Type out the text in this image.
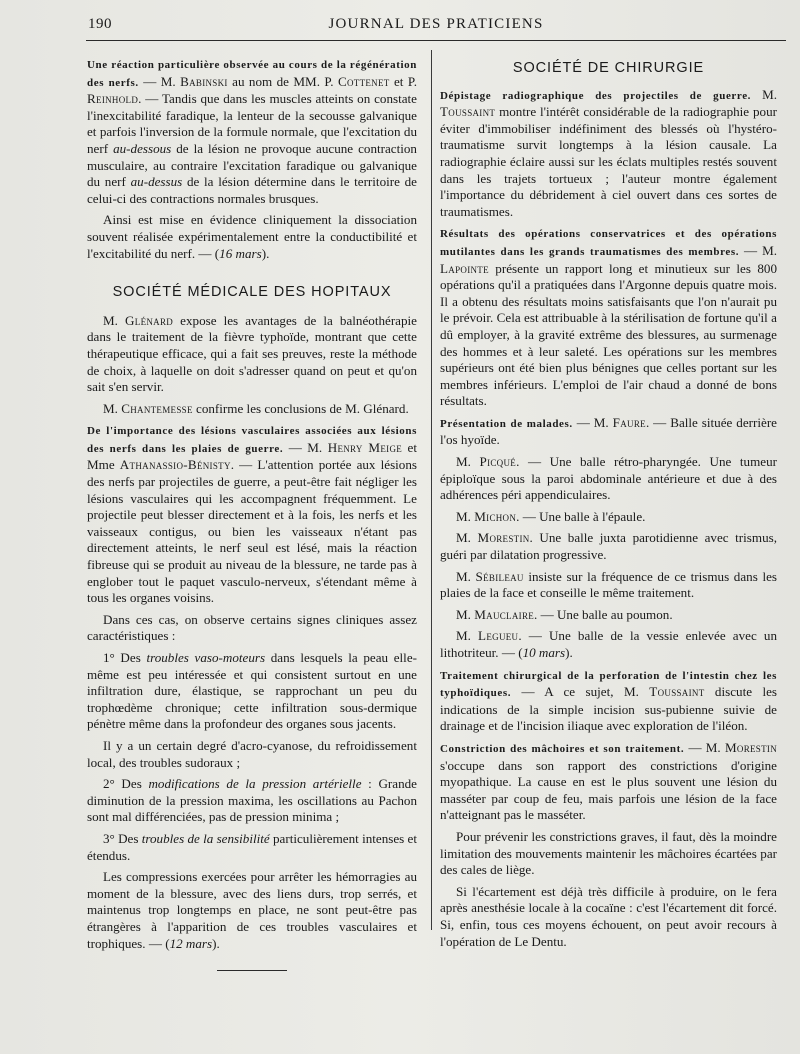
190	JOURNAL DES PRATICIENS

Une réaction particulière observée au cours de la régénération des nerfs. — M. Babinski au nom de MM. P. Cottenet et P. Reinhold. — Tandis que dans les muscles atteints on constate l'inexcitabilité faradique, la lenteur de la secousse galvanique et parfois l'inversion de la formule normale, que l'excitation du nerf au-dessous de la lésion ne provoque aucune contraction musculaire, au contraire l'excitation faradique ou galvanique du nerf au-dessus de la lésion détermine dans le territoire de celui-ci des contractions normales brusques.

Ainsi est mise en évidence cliniquement la dissociation souvent réalisée expérimentalement entre la conductibilité et l'excitabilité du nerf. — (16 mars).

SOCIÉTÉ MÉDICALE DES HOPITAUX

M. Glénard expose les avantages de la balnéothérapie dans le traitement de la fièvre typhoïde, montrant que cette thérapeutique efficace, qui a fait ses preuves, reste la méthode de choix, à laquelle on doit s'adresser quand on peut et qu'on sait s'en servir.

M. Chantemesse confirme les conclusions de M. Glénard.

De l'importance des lésions vasculaires associées aux lésions des nerfs dans les plaies de guerre. — M. Henry Meige et Mme Athanassio-Bénisty. — L'attention portée aux lésions des nerfs par projectiles de guerre, a peut-être fait négliger les lésions vasculaires qui les accompagnent fréquemment. Le projectile peut blesser directement et à la fois, les nerfs et les vaisseaux contigus, ou bien les vaisseaux n'étant pas directement atteints, le nerf seul est lésé, mais la réaction fibreuse qui se produit au niveau de la blessure, ne tarde pas à englober tout le paquet vasculo-nerveux, s'étendant même à tous les organes voisins.

Dans ces cas, on observe certains signes cliniques assez caractéristiques :

1° Des troubles vaso-moteurs dans lesquels la peau elle-même est peu intéressée et qui consistent surtout en une infiltration dure, élastique, se rapprochant un peu du trophœdème chronique; cette infiltration sous-dermique pénètre même dans la profondeur des organes sous jacents.

Il y a un certain degré d'acro-cyanose, du refroidissement local, des troubles sudoraux ;

2° Des modifications de la pression artérielle : Grande diminution de la pression maxima, les oscillations au Pachon sont mal différenciées, pas de pression minima ;

3° Des troubles de la sensibilité particulièrement intenses et étendus.

Les compressions exercées pour arrêter les hémorragies au moment de la blessure, avec des liens durs, trop serrés, et maintenus trop longtemps en place, ne sont peut-être pas étrangères à l'apparition de ces troubles vasculaires et trophiques. — (12 mars).

SOCIÉTÉ DE CHIRURGIE

Dépistage radiographique des projectiles de guerre. M. Toussaint montre l'intérêt considérable de la radiographie pour éviter d'immobiliser indéfiniment des blessés où l'hystéro-traumatisme survit longtemps à la lésion causale. La radiographie éclaire aussi sur les éclats multiples restés souvent dans les trajets tortueux ; l'auteur montre également l'importance du débridement à ciel ouvert dans ces sortes de traumatismes.

Résultats des opérations conservatrices et des opérations mutilantes dans les grands traumatismes des membres. — M. Lapointe présente un rapport long et minutieux sur les 800 opérations qu'il a pratiquées dans l'Argonne depuis quatre mois. Il a obtenu des résultats moins satisfaisants que l'on n'aurait pu le prévoir. Cela est attribuable à la stérilisation de fortune qu'il a dû employer, à la gravité extrême des blessures, au surmenage des hommes et à leur saleté. Les opérations sur les membres supérieurs ont été bien plus bénignes que celles portant sur les membres inférieurs. L'emploi de l'air chaud a donné de bons résultats.

Présentation de malades. — M. Faure. — Balle située derrière l'os hyoïde.

M. Picqué. — Une balle rétro-pharyngée. Une tumeur épiploïque sous la paroi abdominale antérieure et due à des adhérences péri appendiculaires.

M. Michon. — Une balle à l'épaule.

M. Morestin. Une balle juxta parotidienne avec trismus, guéri par dilatation progressive.

M. Sébileau insiste sur la fréquence de ce trismus dans les plaies de la face et conseille le même traitement.

M. Mauclaire. — Une balle au poumon.

M. Legueu. — Une balle de la vessie enlevée avec un lithotriteur. — (10 mars).

Traitement chirurgical de la perforation de l'intestin chez les typhoïdiques. — A ce sujet, M. Toussaint discute les indications de la simple incision sus-pubienne suivie de drainage et de l'incision iliaque avec exploration de l'iléon.

Constriction des mâchoires et son traitement. — M. Morestin s'occupe dans son rapport des constrictions d'origine myopathique. La cause en est le plus souvent une lésion du masséter par coup de feu, mais parfois une lésion de la face n'atteignant pas le masséter.

Pour prévenir les constrictions graves, il faut, dès la moindre limitation des mouvements maintenir les mâchoires écartées par des cales de liège.

Si l'écartement est déjà très difficile à produire, on le fera après anesthésie locale à la cocaïne : c'est l'écartement dit forcé. Si, enfin, tous ces moyens échouent, on peut avoir recours à l'opération de Le Dentu.
